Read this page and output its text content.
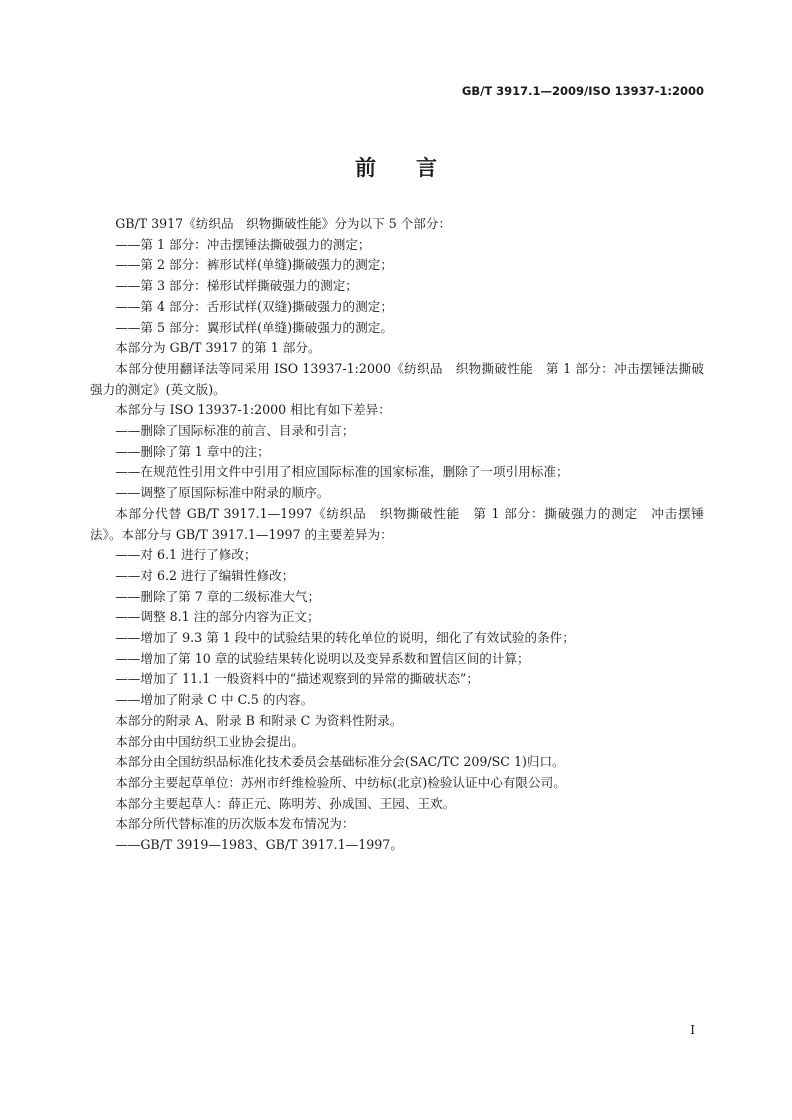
GB/T 3917.1—2009/ISO 13937-1:2000
前言

GB/T 3917《纺织品　织物撕破性能》分为以下 5 个部分：

——第 1 部分：冲击摆锤法撕破强力的测定；

——第 2 部分：裤形试样(单缝)撕破强力的测定；

——第 3 部分：梯形试样撕破强力的测定；

——第 4 部分：舌形试样(双缝)撕破强力的测定；

——第 5 部分：翼形试样(单缝)撕破强力的测定。

本部分为 GB/T 3917 的第 1 部分。

本部分使用翻译法等同采用 ISO 13937-1:2000《纺织品　织物撕破性能　第 1 部分：冲击摆锤法撕破强力的测定》(英文版)。

本部分与 ISO 13937-1:2000 相比有如下差异：

——删除了国际标准的前言、目录和引言；

——删除了第 1 章中的注；

——在规范性引用文件中引用了相应国际标准的国家标准，删除了一项引用标准；

——调整了原国际标准中附录的顺序。

本部分代替 GB/T 3917.1—1997《纺织品　织物撕破性能　第 1 部分：撕破强力的测定　冲击摆锤法》。本部分与 GB/T 3917.1—1997 的主要差异为：

——对 6.1 进行了修改；

——对 6.2 进行了编辑性修改；

——删除了第 7 章的二级标准大气；

——调整 8.1 注的部分内容为正文；

——增加了 9.3 第 1 段中的试验结果的转化单位的说明，细化了有效试验的条件；

——增加了第 10 章的试验结果转化说明以及变异系数和置信区间的计算；

——增加了 11.1 一般资料中的“描述观察到的异常的撕破状态”；

——增加了附录 C 中 C.5 的内容。

本部分的附录 A、附录 B 和附录 C 为资料性附录。

本部分由中国纺织工业协会提出。

本部分由全国纺织品标准化技术委员会基础标准分会(SAC/TC 209/SC 1)归口。

本部分主要起草单位：苏州市纤维检验所、中纺标(北京)检验认证中心有限公司。

本部分主要起草人：薛正元、陈明芳、孙成国、王园、王欢。

本部分所代替标准的历次版本发布情况为：

——GB/T 3919—1983、GB/T 3917.1—1997。

I
